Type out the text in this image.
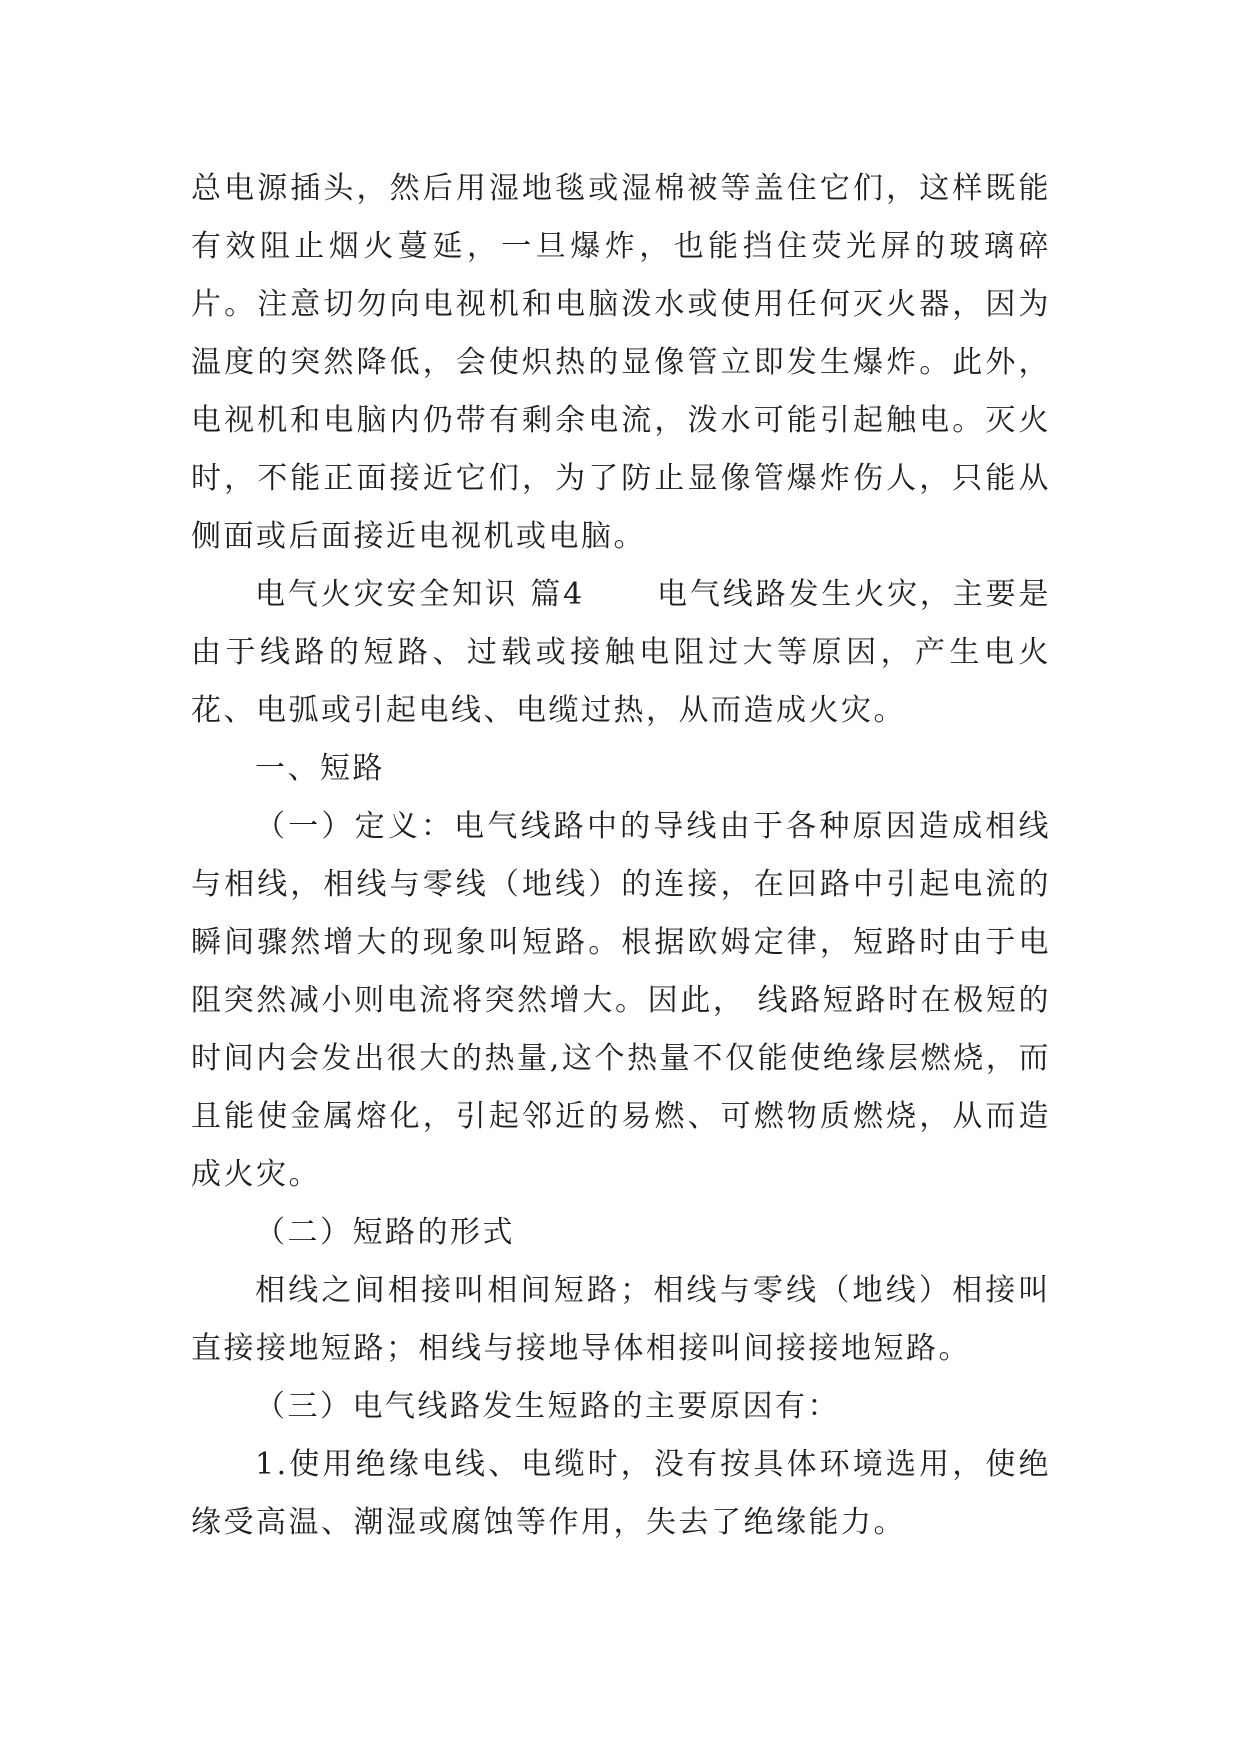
总电源插头，然后用湿地毯或湿棉被等盖住它们，这样既能有效阻止烟火蔓延，一旦爆炸，也能挡住荧光屏的玻璃碎片。注意切勿向电视机和电脑泼水或使用任何灭火器，因为温度的突然降低，会使炽热的显像管立即发生爆炸。此外，电视机和电脑内仍带有剩余电流，泼水可能引起触电。灭火时，不能正面接近它们，为了防止显像管爆炸伤人，只能从侧面或后面接近电视机或电脑。

电气火灾安全知识 篇4 电气线路发生火灾，主要是由于线路的短路、过载或接触电阻过大等原因，产生电火花、电弧或引起电线、电缆过热，从而造成火灾。

一、短路

（一）定义：电气线路中的导线由于各种原因造成相线与相线，相线与零线（地线）的连接，在回路中引起电流的瞬间骤然增大的现象叫短路。根据欧姆定律，短路时由于电阻突然减小则电流将突然增大。因此， 线路短路时在极短的时间内会发出很大的热量,这个热量不仅能使绝缘层燃烧，而且能使金属熔化，引起邻近的易燃、可燃物质燃烧，从而造成火灾。

（二）短路的形式

相线之间相接叫相间短路；相线与零线（地线）相接叫直接接地短路；相线与接地导体相接叫间接接地短路。

（三）电气线路发生短路的主要原因有：

1.使用绝缘电线、电缆时，没有按具体环境选用，使绝缘受高温、潮湿或腐蚀等作用，失去了绝缘能力。
